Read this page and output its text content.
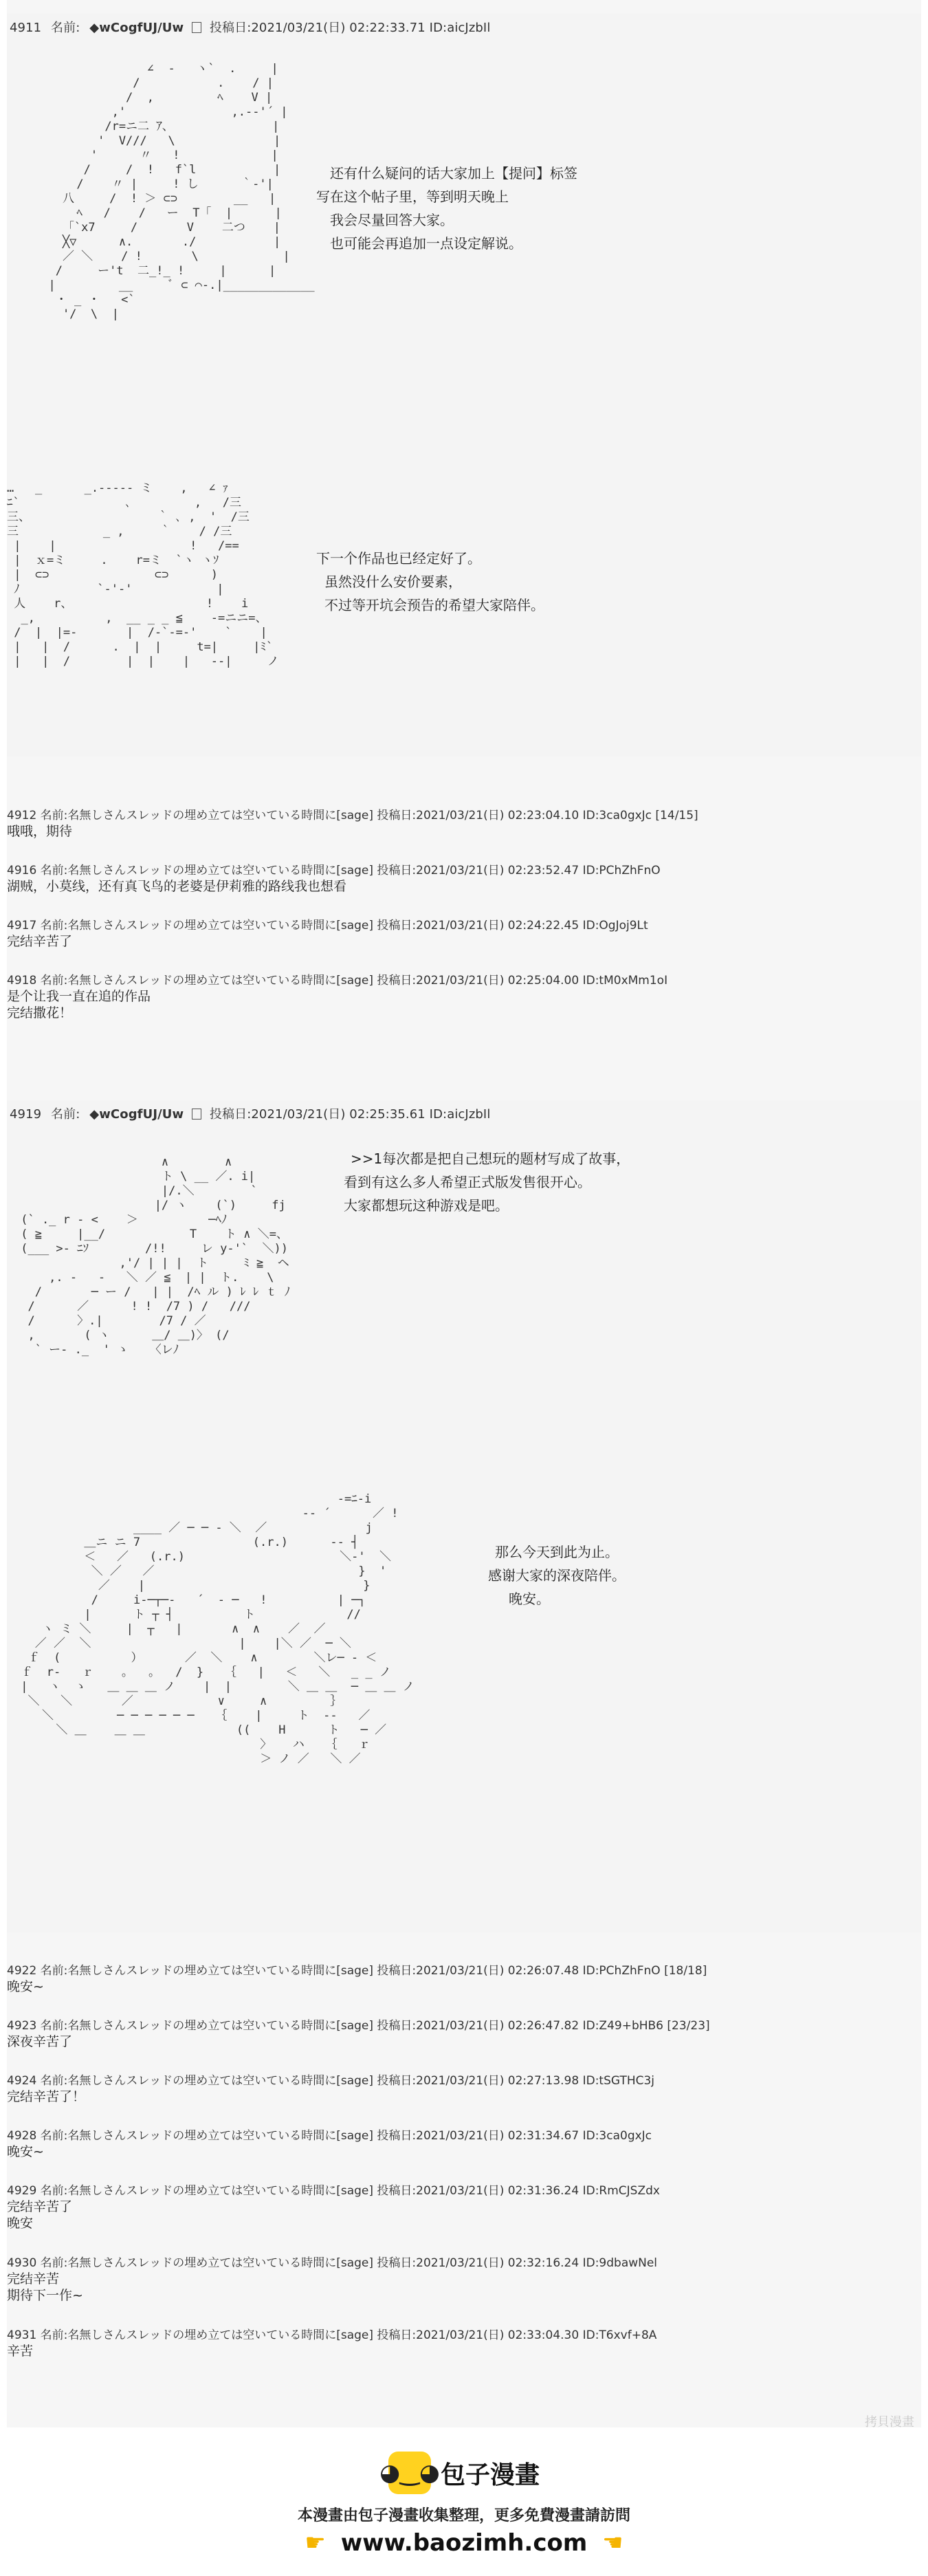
4911 名前: ◆wCogfUJ/Uw 投稿日:2021/03/21(日) 02:22:33.71 ID:aicJzbIl
∠  ‐   ヽ`  .     |
/           .    / |
/  ,         ﾍ    V |
,'               ,.-‐'´ |
/r=ニ二 ｱ、              |
'  V///   \              |
'      〃   !             |
/     /  !   f`l           |
/    〃 |     ! し      ｀‐'|
八     /  ! ＞ ⊂⊃        __   |
ﾍ   /    /   ー  T「  |      |
「`x7     /       V    二つ    |
╳▽      ∧.       ./           |
／ ＼    / !       \            |
/     ー't  二_!_ !     |      |
|         __     ﾞ ⊂ ⌒‐.|_____________
・ _ ・   <`
'/  \  |
还有什么疑问的话大家加上【提问】标签
写在这个帖子里，等到明天晚上
我会尽量回答大家。
也可能会再追加一点设定解说。
…   _      _.----- ミ    ,   ∠ ｧ
ﾆ`               ､         ,   /三
三、                  ｀ ､ ,  '  /三
三            _ ,     ｀    / /三
|    |                   !   /==
|  ｘ=ミ     .    r=ミ  `ヽ ヽｿ
|  ⊂⊃               ⊂⊃      )
ﾉ           `‐'‐'            |
人    r、                   !    i
_,          ,  __ _ _ ≦    ‐=ニニ=、
/  |  |=-       |  /-`-=-'    `    |
|   |  /      .  |  |     t=|     |ﾐ`
|   |  /        |  |    |   ‐‐|     ノ
下一个作品也已经定好了。
虽然没什么安价要素，
不过等开坑会预告的希望大家陪伴。
4912 名前:名無しさんスレッドの埋め立ては空いている時間に[sage] 投稿日:2021/03/21(日) 02:23:04.10 ID:3ca0gxJc [14/15]
哦哦，期待
4916 名前:名無しさんスレッドの埋め立ては空いている時間に[sage] 投稿日:2021/03/21(日) 02:23:52.47 ID:PChZhFnO
湖贼，小莫线，还有真飞鸟的老婆是伊莉雅的路线我也想看
4917 名前:名無しさんスレッドの埋め立ては空いている時間に[sage] 投稿日:2021/03/21(日) 02:24:22.45 ID:OgJoj9Lt
完结辛苦了
4918 名前:名無しさんスレッドの埋め立ては空いている時間に[sage] 投稿日:2021/03/21(日) 02:25:04.00 ID:tM0xMm1oI
是个让我一直在追的作品
完结撒花！
4919 名前: ◆wCogfUJ/Uw 投稿日:2021/03/21(日) 02:25:35.61 ID:aicJzbIl
∧        ∧
ト \ __ ／. i|
|/.＼        `
|/ ヽ    (`)     fj
(` ._ r ‐ <    ＞          ─ﾍﾉ
( ≧     |__/            T    ト ∧ ＼=、
(___ >‐ ﾆｿ        /!!     レ y‐'`  ＼))
,'/ | | |  ト     ﾐ ≧  ヘ
,. ‐   -   ＼ ／ ≦  | |  ト.    \
/       ─ ー /   | |  /ﾍ ル ) ﾚ ﾚ ｔ ﾉ
/      ／      ! !  /7 ) /   ///
/      〉.|        /7 / ／
,       ( ヽ      ＿/ ＿)〉 (/
` ー‐ ._  ' ゝ   〈レﾉ
>>1每次都是把自己想玩的题材写成了故事，
看到有这么多人希望正式版发售很开心。
大家都想玩这种游戏是吧。
‐=ﾆ‐i
‐‐ ´      ／ !
____ ／ ─ ─ ‐ ＼  ／              j
＿ニ ニ 7                (.r.)      ‐‐ ┤
＜   ／   (.r.)                      ＼‐'  ＼
＼ ／   ／                             }  '
／    |                               }
/     i‐─┬─‐   ´  ‐ ─   !          | ─┐
|      ト ┬ ┤          ト             //
ヽ ミ ＼     |  ┬   |       ∧  ∧    ／  ／
／ ／  ＼                     |    |＼ ／  ─ ＼
ｆ  (          ）      ／  ＼    ∧        ＼レ─ ‐ ＜
ｆ  r‐   ｒ    ｡   ｡   /  }   ｛   |   ＜   ＼   _ _ ノ
|   ヽ  ゝ   ＿ ＿ ＿ ノ    |  |        ＼ ＿ ＿  ─ ＿ ＿ ノ
＼   ＼       ／            ∨     ∧         ｝
＼         ─ ─ ─ ─ ─ ─   ｛    |     ト  ‐‐   ／
＼ ＿    ＿ ＿             ((    H      ト   ─ ／
〉   ハ   ｛   ｒ
＞ ノ ／   ＼ ／
那么今天到此为止。
感谢大家的深夜陪伴。
晚安。
4922 名前:名無しさんスレッドの埋め立ては空いている時間に[sage] 投稿日:2021/03/21(日) 02:26:07.48 ID:PChZhFnO [18/18]
晚安~
4923 名前:名無しさんスレッドの埋め立ては空いている時間に[sage] 投稿日:2021/03/21(日) 02:26:47.82 ID:Z49+bHB6 [23/23]
深夜辛苦了
4924 名前:名無しさんスレッドの埋め立ては空いている時間に[sage] 投稿日:2021/03/21(日) 02:27:13.98 ID:tSGTHC3j
完结辛苦了！
4928 名前:名無しさんスレッドの埋め立ては空いている時間に[sage] 投稿日:2021/03/21(日) 02:31:34.67 ID:3ca0gxJc
晚安~
4929 名前:名無しさんスレッドの埋め立ては空いている時間に[sage] 投稿日:2021/03/21(日) 02:31:36.24 ID:RmCJSZdx
完结辛苦了
晚安
4930 名前:名無しさんスレッドの埋め立ては空いている時間に[sage] 投稿日:2021/03/21(日) 02:32:16.24 ID:9dbawNel
完结辛苦
期待下一作~
4931 名前:名無しさんスレッドの埋め立ては空いている時間に[sage] 投稿日:2021/03/21(日) 02:33:04.30 ID:T6xvf+8A
辛苦
拷貝漫畫
◕‿◕ 包子漫畫
本漫畫由包子漫畫收集整理，更多免費漫畫請訪問
☛ www.baozimh.com ☚
